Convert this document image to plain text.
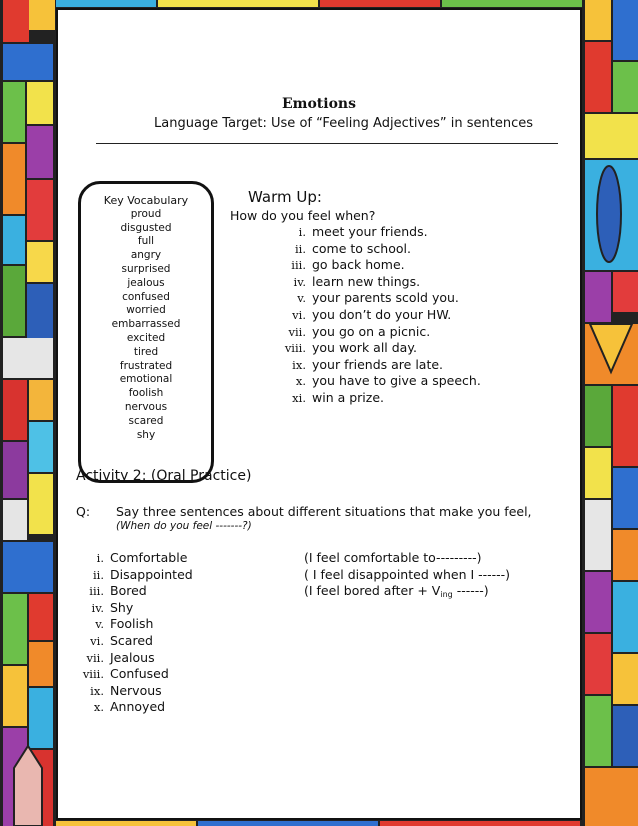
Emotions
Language Target: Use of “Feeling Adjectives” in sentences
Key Vocabulary
proud
disgusted
full
angry
surprised
jealous
confused
worried
embarrassed
excited
tired
frustrated
emotional
foolish
nervous
scared
shy
Warm Up:
How do you feel when?
i. meet your friends.
ii. come to school.
iii. go back home.
iv. learn new things.
v. your parents scold you.
vi. you don’t do your HW.
vii. you go on a picnic.
viii. you work all day.
ix. your friends are late.
x. you have to give a speech.
xi. win a prize.
Activity 2: (Oral Practice)
Q: Say three sentences about different situations that make you feel,
(When do you feel -------?)
i. Comfortable
ii. Disappointed
iii. Bored
iv. Shy
v. Foolish
vi. Scared
vii. Jealous
viii. Confused
ix. Nervous
x. Annoyed
(I feel comfortable to---------)
( I feel disappointed when I ------)
(I feel bored after + $V_{ing}$ ------)
